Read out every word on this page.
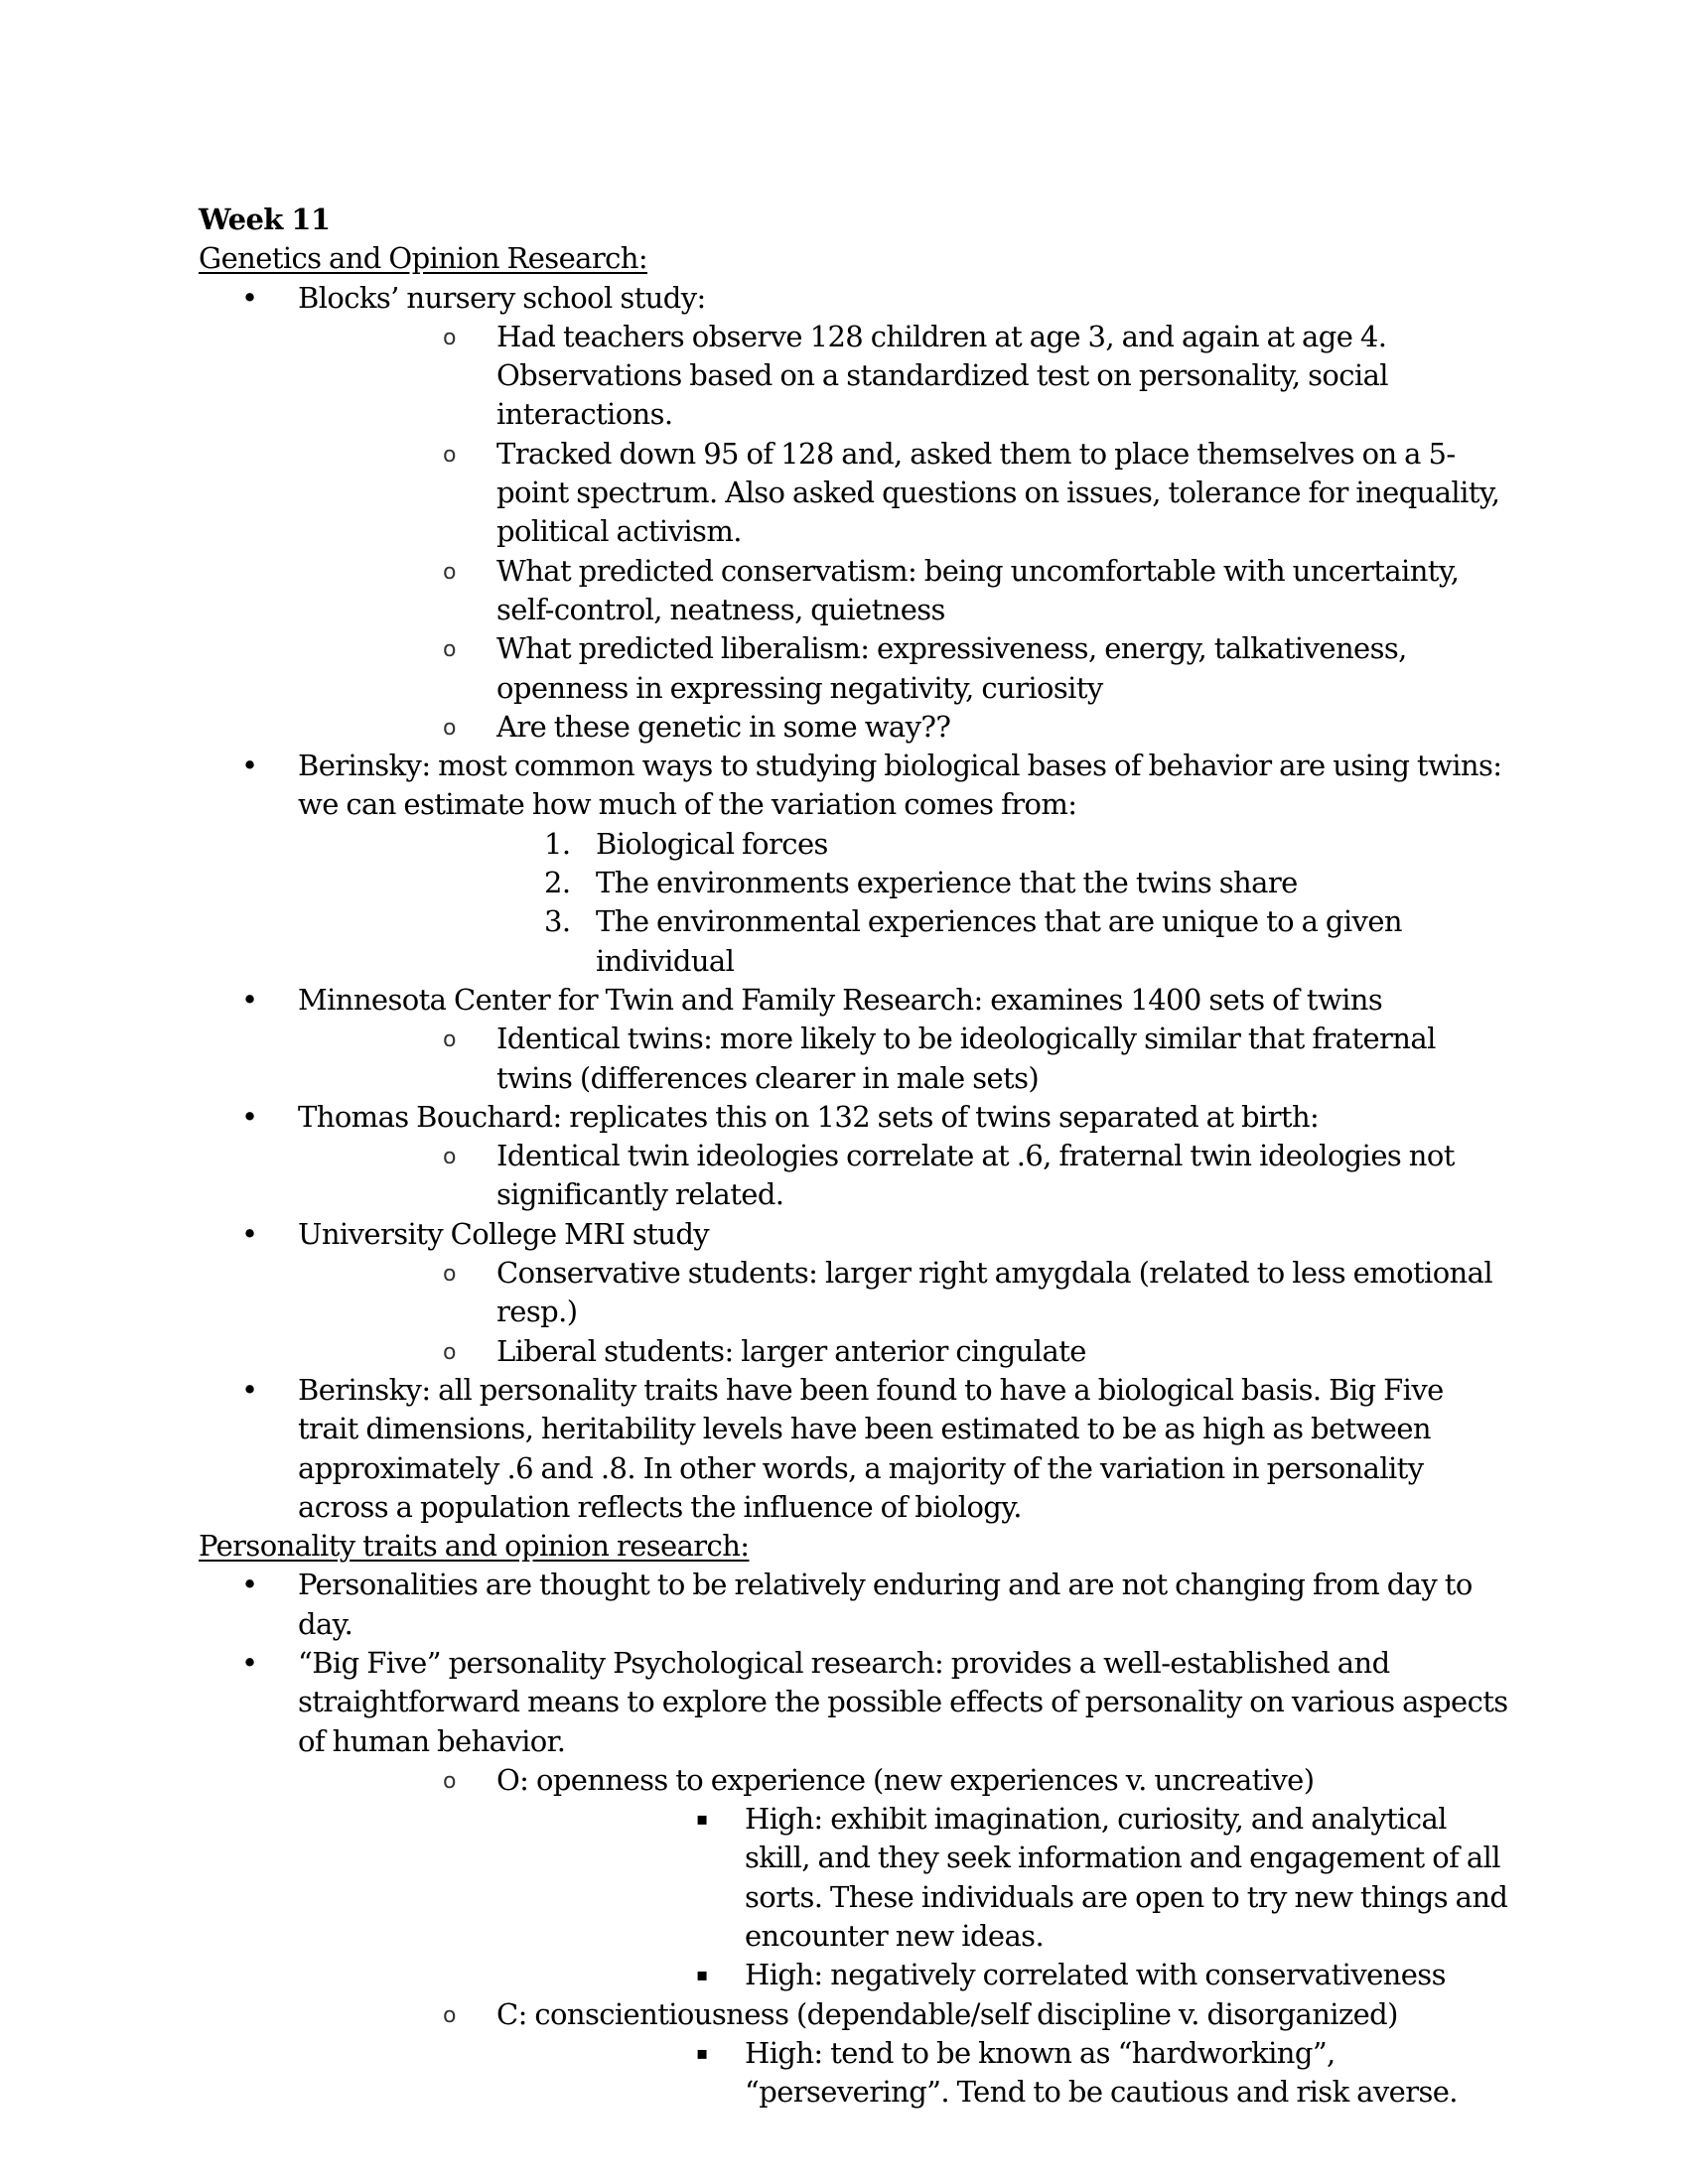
Week 11
Genetics and Opinion Research:
• Blocks’ nursery school study:
o Had teachers observe 128 children at age 3, and again at age 4. Observations based on a standardized test on personality, social interactions.
o Tracked down 95 of 128 and, asked them to place themselves on a 5-point spectrum. Also asked questions on issues, tolerance for inequality, political activism.
o What predicted conservatism: being uncomfortable with uncertainty, self-control, neatness, quietness
o What predicted liberalism: expressiveness, energy, talkativeness, openness in expressing negativity, curiosity
o Are these genetic in some way??
• Berinsky: most common ways to studying biological bases of behavior are using twins: we can estimate how much of the variation comes from:
1. Biological forces
2. The environments experience that the twins share
3. The environmental experiences that are unique to a given individual
• Minnesota Center for Twin and Family Research: examines 1400 sets of twins
o Identical twins: more likely to be ideologically similar that fraternal twins (differences clearer in male sets)
• Thomas Bouchard: replicates this on 132 sets of twins separated at birth:
o Identical twin ideologies correlate at .6, fraternal twin ideologies not significantly related.
• University College MRI study
o Conservative students: larger right amygdala (related to less emotional resp.)
o Liberal students: larger anterior cingulate
• Berinsky: all personality traits have been found to have a biological basis. Big Five trait dimensions, heritability levels have been estimated to be as high as between approximately .6 and .8. In other words, a majority of the variation in personality across a population reflects the influence of biology.
Personality traits and opinion research:
• Personalities are thought to be relatively enduring and are not changing from day to day.
• “Big Five” personality Psychological research: provides a well-established and straightforward means to explore the possible effects of personality on various aspects of human behavior.
o O: openness to experience (new experiences v. uncreative)
▪ High: exhibit imagination, curiosity, and analytical skill, and they seek information and engagement of all sorts. These individuals are open to try new things and encounter new ideas.
▪ High: negatively correlated with conservativeness
o C: conscientiousness (dependable/self discipline v. disorganized)
▪ High: tend to be known as “hardworking”, “persevering”. Tend to be cautious and risk averse.
